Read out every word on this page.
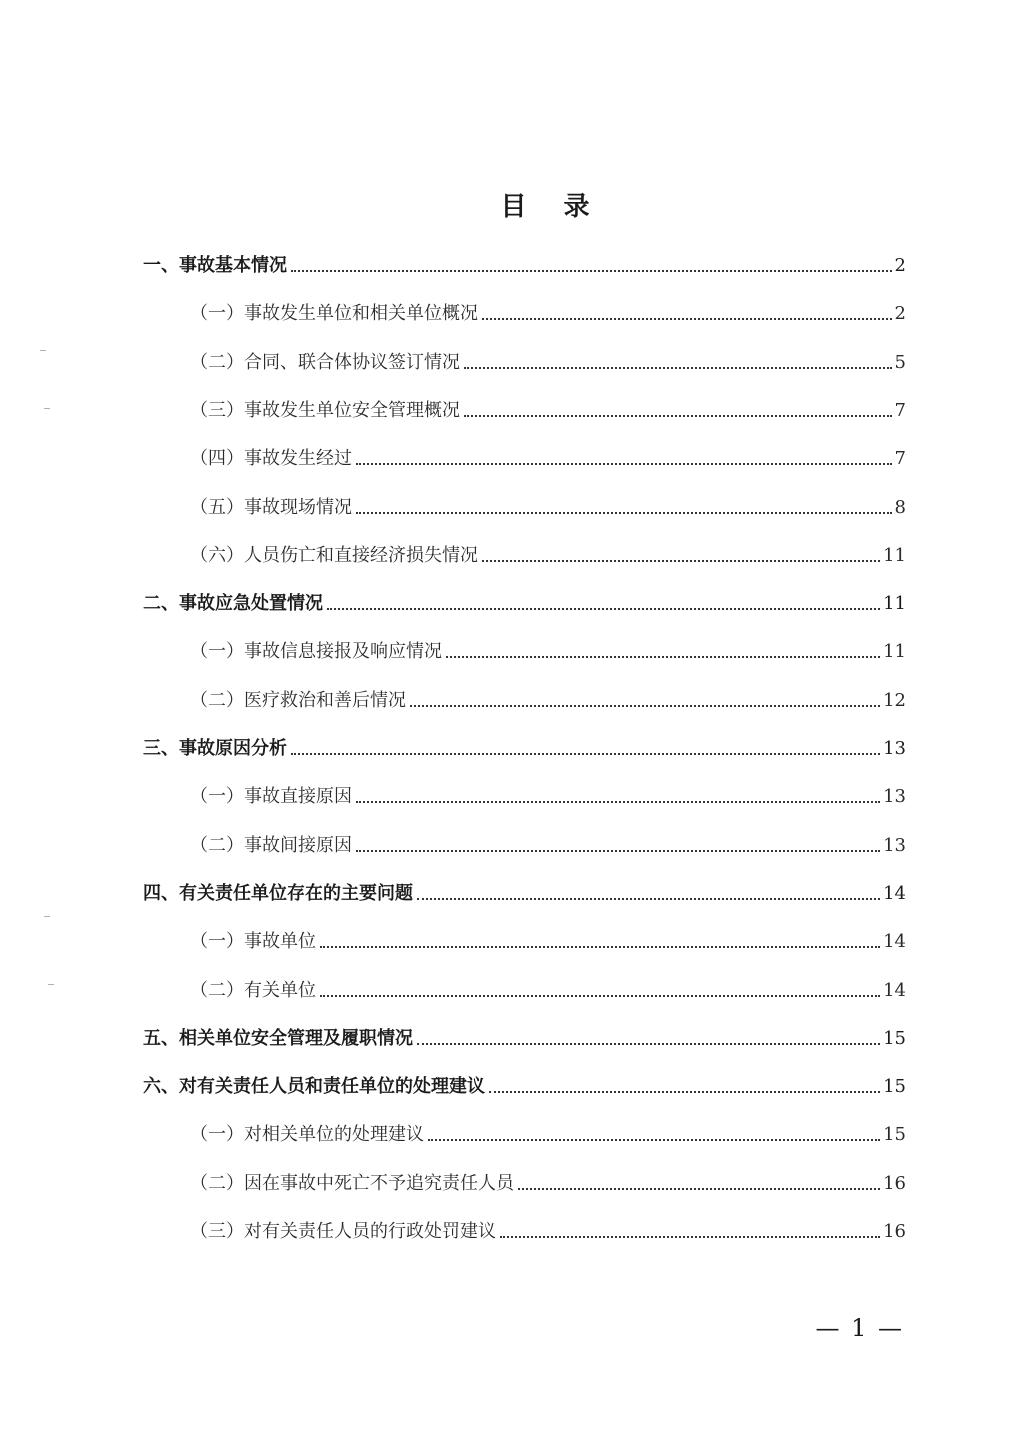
目 录
一、事故基本情况	2
（一）事故发生单位和相关单位概况	2
（二）合同、联合体协议签订情况	5
（三）事故发生单位安全管理概况	7
（四）事故发生经过	7
（五）事故现场情况	8
（六）人员伤亡和直接经济损失情况	11
二、事故应急处置情况	11
（一）事故信息接报及响应情况	11
（二）医疗救治和善后情况	12
三、事故原因分析	13
（一）事故直接原因	13
（二）事故间接原因	13
四、有关责任单位存在的主要问题	14
（一）事故单位	14
（二）有关单位	14
五、相关单位安全管理及履职情况	15
六、对有关责任人员和责任单位的处理建议	15
（一）对相关单位的处理建议	15
（二）因在事故中死亡不予追究责任人员	16
（三）对有关责任人员的行政处罚建议	16
— 1 —
